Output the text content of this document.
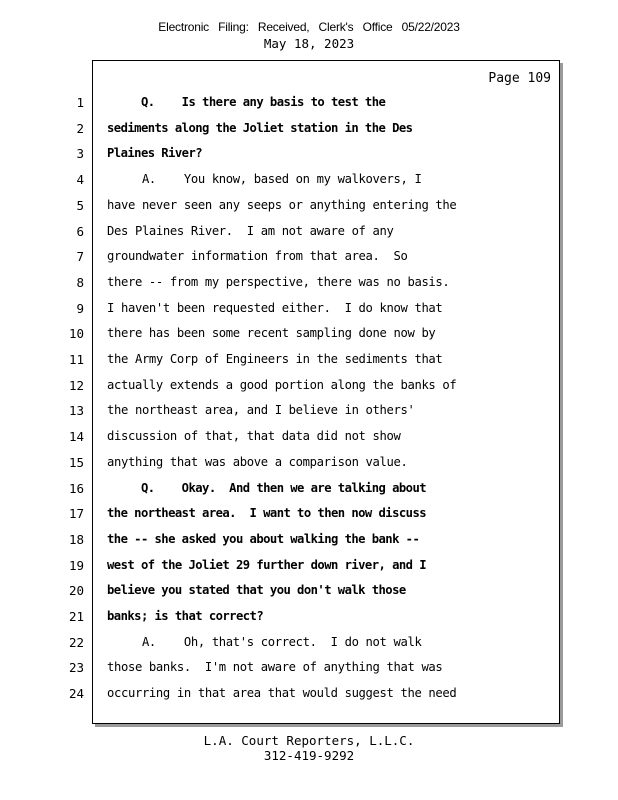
Electronic Filing: Received, Clerk's Office 05/22/2023
May 18, 2023
Page 109
1 Q.    Is there any basis to test the
2 sediments along the Joliet station in the Des
3 Plaines River?
4 A.    You know, based on my walkovers, I
5 have never seen any seeps or anything entering the
6 Des Plaines River.  I am not aware of any
7 groundwater information from that area.  So
8 there -- from my perspective, there was no basis.
9 I haven't been requested either.  I do know that
10 there has been some recent sampling done now by
11 the Army Corp of Engineers in the sediments that
12 actually extends a good portion along the banks of
13 the northeast area, and I believe in others'
14 discussion of that, that data did not show
15 anything that was above a comparison value.
16 Q.    Okay.  And then we are talking about
17 the northeast area.  I want to then now discuss
18 the -- she asked you about walking the bank --
19 west of the Joliet 29 further down river, and I
20 believe you stated that you don't walk those
21 banks; is that correct?
22 A.    Oh, that's correct.  I do not walk
23 those banks.  I'm not aware of anything that was
24 occurring in that area that would suggest the need
L.A. Court Reporters, L.L.C.
312-419-9292
